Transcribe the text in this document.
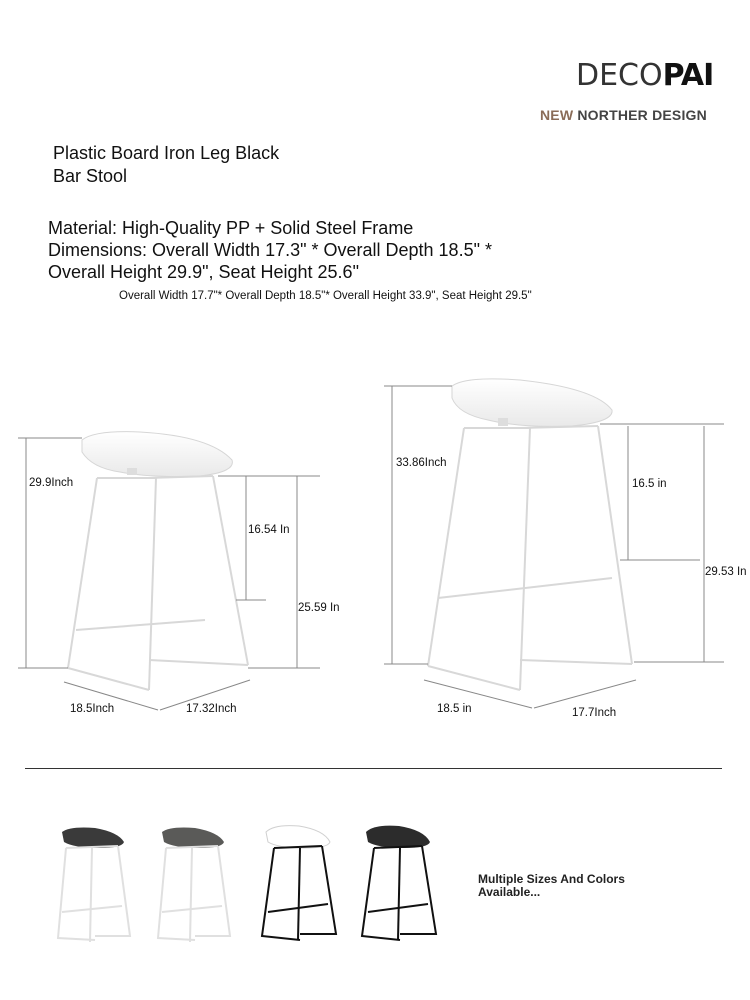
DECOPAI
NEW NORTHER DESIGN
Plastic Board Iron Leg Black
Bar Stool
Material: High-Quality PP + Solid Steel Frame
Dimensions: Overall Width 17.3" * Overall Depth 18.5" *
Overall Height 29.9", Seat Height 25.6"
Overall Width 17.7"* Overall Depth 18.5"* Overall Height 33.9", Seat Height 29.5"
29.9Inch
16.54 In
25.59 In
18.5Inch	17.32Inch
33.86Inch
16.5 in
29.53 In
18.5 in	17.7Inch
Multiple Sizes And Colors Available...
